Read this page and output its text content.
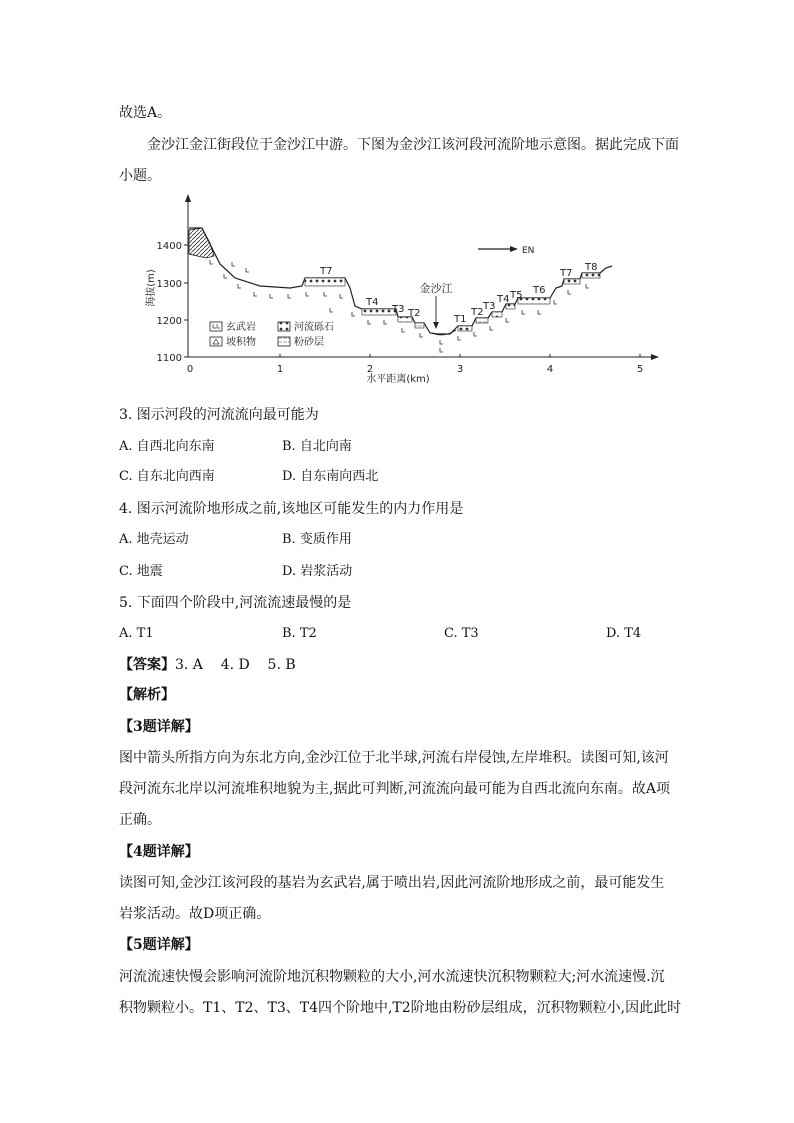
故选A。
金沙江金江街段位于金沙江中游。下图为金沙江该河段河流阶地示意图。据此完成下面
小题。
1100
1200
1300
1400
海拔(m)
0	1	2	3	4	5
水平距离(km)
金沙江
EN
T7
T4
T3 T2
T1
T2
T3
T4 T5 T6
T7
T8
玄武岩	河流砾石
坡积物	粉砂层
3. 图示河段的河流流向最可能为
A. 自西北向东南	B. 自北向南
C. 自东北向西南	D. 自东南向西北
4. 图示河流阶地形成之前,该地区可能发生的内力作用是
A. 地壳运动	B. 变质作用
C. 地震	D. 岩浆活动
5. 下面四个阶段中,河流流速最慢的是
A. T1	B. T2	C. T3	D. T4
【答案】3. A    4. D    5. B
【解析】
【3题详解】
图中箭头所指方向为东北方向,金沙江位于北半球,河流右岸侵蚀,左岸堆积。读图可知,该河
段河流东北岸以河流堆积地貌为主,据此可判断,河流流向最可能为自西北流向东南。故A项
正确。
【4题详解】
读图可知,金沙江该河段的基岩为玄武岩,属于喷出岩,因此河流阶地形成之前，最可能发生
岩浆活动。故D项正确。
【5题详解】
河流流速快慢会影响河流阶地沉积物颗粒的大小,河水流速快沉积物颗粒大;河水流速慢.沉
积物颗粒小。T1、T2、T3、T4四个阶地中,T2阶地由粉砂层组成，沉积物颗粒小,因此此时
